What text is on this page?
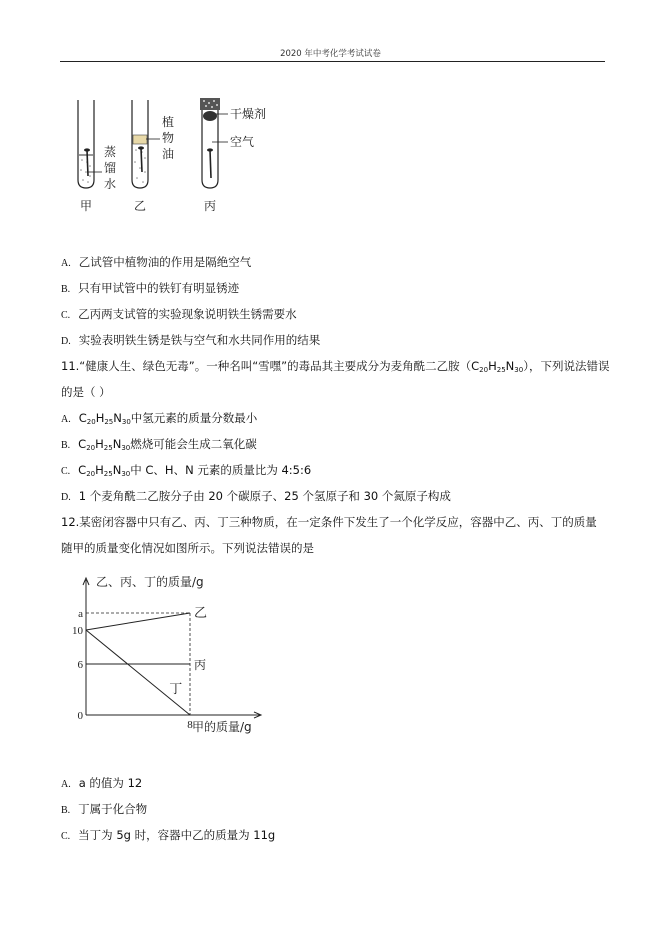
2020 年中考化学考试试卷
蒸
馏
水
植
物
油
干燥剂
空气
甲	乙	丙
A. 乙试管中植物油的作用是隔绝空气
B. 只有甲试管中的铁钉有明显锈迹
C. 乙丙两支试管的实验现象说明铁生锈需要水
D. 实验表明铁生锈是铁与空气和水共同作用的结果
11.“健康人生、绿色无毒”。一种名叫“雪嘿”的毒品其主要成分为麦角酰二乙胺（C20H25N30），下列说法错误
的是（ ）
A. $C_{20}H_{25}N_{30}$中氢元素的质量分数最小
B. $C_{20}H_{25}N_{30}$燃烧可能会生成二氧化碳
C. $C_{20}H_{25}N_{30}$中 C、H、N 元素的质量比为 4:5:6
D. 1 个麦角酰二乙胺分子由 20 个碳原子、25 个氢原子和 30 个氮原子构成
12.某密闭容器中只有乙、丙、丁三种物质，在一定条件下发生了一个化学反应，容器中乙、丙、丁的质量
随甲的质量变化情况如图所示。下列说法错误的是
乙、丙、丁的质量/g
甲的质量/g
乙
丙
丁
a
10
6
0
8
A. a 的值为 12
B. 丁属于化合物
C. 当丁为 5g 时，容器中乙的质量为 11g
